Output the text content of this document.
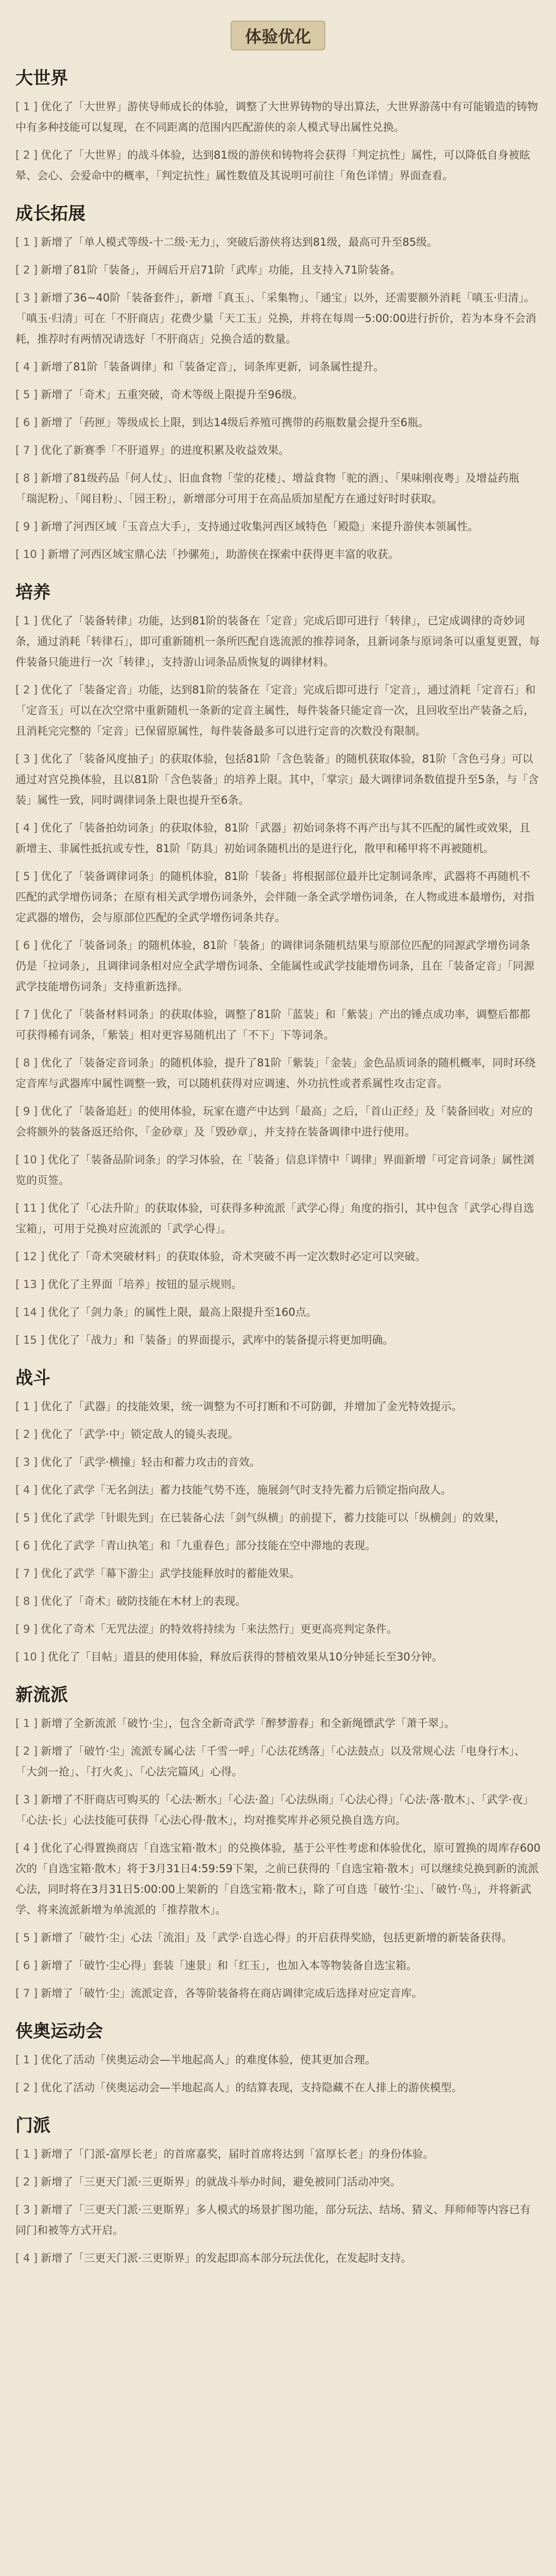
体验优化
大世界
[ 1 ] 优化了「大世界」游侠导师成长的体验，调整了大世界铸物的导出算法，大世界游荡中有可能锻造的铸物中有多种技能可以复现，在不同距离的范围内匹配游侠的亲人模式导出属性兑换。
[ 2 ] 优化了「大世界」的战斗体验，达到81级的游侠和铸物将会获得「判定抗性」属性，可以降低自身被眩晕、会心、会爱命中的概率，「判定抗性」属性数值及其说明可前往「角色详情」界面查看。
成长拓展
[ 1 ] 新增了「单人模式等级-十二级·无力」，突破后游侠将达到81级，最高可升至85级。
[ 2 ] 新增了81阶「装备」，开阔后开启71阶「武库」功能，且支持入71阶装备。
[ 3 ] 新增了36~40阶「装备套件」，新增「真玉」、「采集物」、「通宝」以外，还需要额外消耗「嗔玉·归清」。「嗔玉·归清」可在「不肝商店」花费少量「天工玉」兑换，并将在每周一5:00:00进行折价，若为本身不会消耗，推荐时有两情况请选好「不肝商店」兑换合适的数量。
[ 4 ] 新增了81阶「装备调律」和「装备定音」，词条库更新，词条属性提升。
[ 5 ] 新增了「奇术」五重突破，奇术等级上限提升至96级。
[ 6 ] 新增了「药匣」等级成长上限，到达14级后养殖可携带的药瓶数量会提升至6瓶。
[ 7 ] 优化了新赛季「不肝道界」的进度积累及收益效果。
[ 8 ] 新增了81级药品「何人仗」、旧血食物「莹的花楼」、增益食物「驼的酒」、「果味刚夜粤」及增益药瓶「瑞泥粉」、「闻目粉」、「园王粉」，新增部分可用于在高品质加星配方在通过好时时获取。
[ 9 ] 新增了河西区域「玉音点大手」，支持通过收集河西区域特色「殿隐」来提升游侠本领属性。
[ 10 ] 新增了河西区域宝鼎心法「抄骡苑」，助游侠在探索中获得更丰富的收获。
培养
[ 1 ] 优化了「装备转律」功能，达到81阶的装备在「定音」完成后即可进行「转律」，已定成调律的奇妙词条，通过消耗「转律石」，即可重新随机一条所匹配自选流派的推荐词条，且新词条与原词条可以重复更置，每件装备只能进行一次「转律」，支持游山词条品质恢复的调律材料。
[ 2 ] 优化了「装备定音」功能，达到81阶的装备在「定音」完成后即可进行「定音」，通过消耗「定音石」和「定音玉」可以在次空常中重新随机一条新的定音主属性，每件装备只能定音一次，且回收至出产装备之后，且消耗完完整的「定音」已保留原属性，每件装备最多可以进行定音的次数没有限制。
[ 3 ] 优化了「装备风度抽子」的获取体验，包括81阶「含色装备」的随机获取体验，81阶「含色弓身」可以通过对宫兑换体验，且以81阶「含色装备」的培养上限。其中，「掌宗」最大调律词条数值提升至5条，与「含装」属性一致，同时调律词条上限也提升至6条。
[ 4 ] 优化了「装备拍幼词条」的获取体验，81阶「武器」初始词条将不再产出与其不匹配的属性或效果，且新增主、非属性抵抗或专性，81阶「防具」初始词条随机出的是进行化，散甲和稀甲将不再被随机。
[ 5 ] 优化了「装备调律词条」的随机体验，81阶「装备」将根据部位最并比定制词条库，武器将不再随机不匹配的武学增伤词条；在原有相关武学增伤词条外，会伴随一条全武学增伤词条，在人物或进本最增伤，对指定武器的增伤，会与原部位匹配的全武学增伤词条共存。
[ 6 ] 优化了「装备词条」的随机体验，81阶「装备」的调律词条随机结果与原部位匹配的同源武学增伤词条仍是「拉词条」，且调律词条相对应全武学增伤词条、全能属性或武学技能增伤词条，且在「装备定音」「同源武学技能增伤词条」支持重新选择。
[ 7 ] 优化了「装备材料词条」的获取体验，调整了81阶「蓝装」和「紫装」产出的锤点成功率，调整后都都可获得稀有词条，「紫装」相对更容易随机出了「不下」下等词条。
[ 8 ] 优化了「装备定音词条」的随机体验，提升了81阶「紫装」「金装」金色品质词条的随机概率，同时环绕定音库与武器库中属性调整一致，可以随机获得对应调速、外功抗性或者系属性攻击定音。
[ 9 ] 优化了「装备追赶」的使用体验，玩家在遗产中达到「最高」之后，「首山正经」及「装备回收」对应的会将额外的装备返还给你，「金砂章」及「毁砂章」，并支持在装备调律中进行使用。
[ 10 ] 优化了「装备品阶词条」的学习体验，在「装备」信息详情中「调律」界面新增「可定音词条」属性浏览的页签。
[ 11 ] 优化了「心法升阶」的获取体验，可获得多种流派「武学心得」角度的指引，其中包含「武学心得自选宝箱」，可用于兑换对应流派的「武学心得」。
[ 12 ] 优化了「奇术突破材料」的获取体验，奇术突破不再一定次数时必定可以突破。
[ 13 ] 优化了主界面「培养」按钮的显示规则。
[ 14 ] 优化了「剑力条」的属性上限，最高上限提升至160点。
[ 15 ] 优化了「战力」和「装备」的界面提示，武库中的装备提示将更加明确。
战斗
[ 1 ] 优化了「武器」的技能效果，统一调整为不可打断和不可防御，并增加了金光特效提示。
[ 2 ] 优化了「武学·中」锁定敌人的镜头表现。
[ 3 ] 优化了「武学·横撞」轻击和蓄力攻击的音效。
[ 4 ] 优化了武学「无名剑法」蓄力技能气势不连，施展剑气时支持先蓄力后锁定指向敌人。
[ 5 ] 优化了武学「针眼先到」在已装备心法「剑气纵横」的前提下，蓄力技能可以「纵横剑」的效果，
[ 6 ] 优化了武学「青山执笔」和「九重春色」部分技能在空中滞地的表现。
[ 7 ] 优化了武学「幕下游尘」武学技能释放时的蓄能效果。
[ 8 ] 优化了「奇术」破防技能在木材上的表现。
[ 9 ] 优化了奇术「无咒法涩」的特效将持续为「来法然行」更更高亮判定条件。
[ 10 ] 优化了「目帖」道县的使用体验，释放后获得的替植效果从10分钟延长至30分钟。
新流派
[ 1 ] 新增了全新流派「破竹·尘」，包含全新奇武学「醉梦游春」和全新绳镖武学「萧千翠」。
[ 2 ] 新增了「破竹·尘」流派专属心法「千雪一呼」「心法花绣落」「心法鼓点」以及常规心法「电身行木」、「大剑一抢」、「打火炙」、「心法完篇风」心得。
[ 3 ] 新增了不肝商店可购买的「心法·断水」「心法·盈」「心法纵雨」「心法心得」「心法·落·散木」、「武学·夜」「心法·长」心法技能可获得「心法心得·散木」，均对推奖库并必须兑换自选方向。
[ 4 ] 优化了心得置换商店「自选宝箱·散木」的兑换体验，基于公平性考虑和体验优化，原可置换的周库存600次的「自选宝箱·散木」将于3月31日4:59:59下架，之前已获得的「自选宝箱·散木」可以继续兑换到新的流派心法，同时将在3月31日5:00:00上架新的「自选宝箱·散木」，除了可自选「破竹·尘」、「破竹·鸟」，并将新武学、将来流派新增为单流派的「推荐散木」。
[ 5 ] 新增了「破竹·尘」心法「流泪」及「武学·自选心得」的开启获得奖励，包括更新增的新装备获得。
[ 6 ] 新增了「破竹·尘心得」套装「速景」和「红玉」，也加入本等物装备自选宝箱。
[ 7 ] 新增了「破竹·尘」流派定音，各等阶装备将在商店调律完成后选择对应定音库。
侠奥运动会
[ 1 ] 优化了活动「侠奥运动会—半地起高人」的难度体验，使其更加合理。
[ 2 ] 优化了活动「侠奥运动会—半地起高人」的结算表现，支持隐藏不在人排上的游侠模型。
门派
[ 1 ] 新增了「门派-富厚长老」的首席嘉奖，届时首席将达到「富厚长老」的身份体验。
[ 2 ] 新增了「三更天门派·三更斯界」的就战斗举办时间，避免被同门活动冲突。
[ 3 ] 新增了「三更天门派·三更斯界」多人模式的场景扩图功能，部分玩法、结场、猜义、拜师师等内容已有同门和被等方式开启。
[ 4 ] 新增了「三更天门派·三更斯界」的发起即高本部分玩法优化，在发起时支持。
